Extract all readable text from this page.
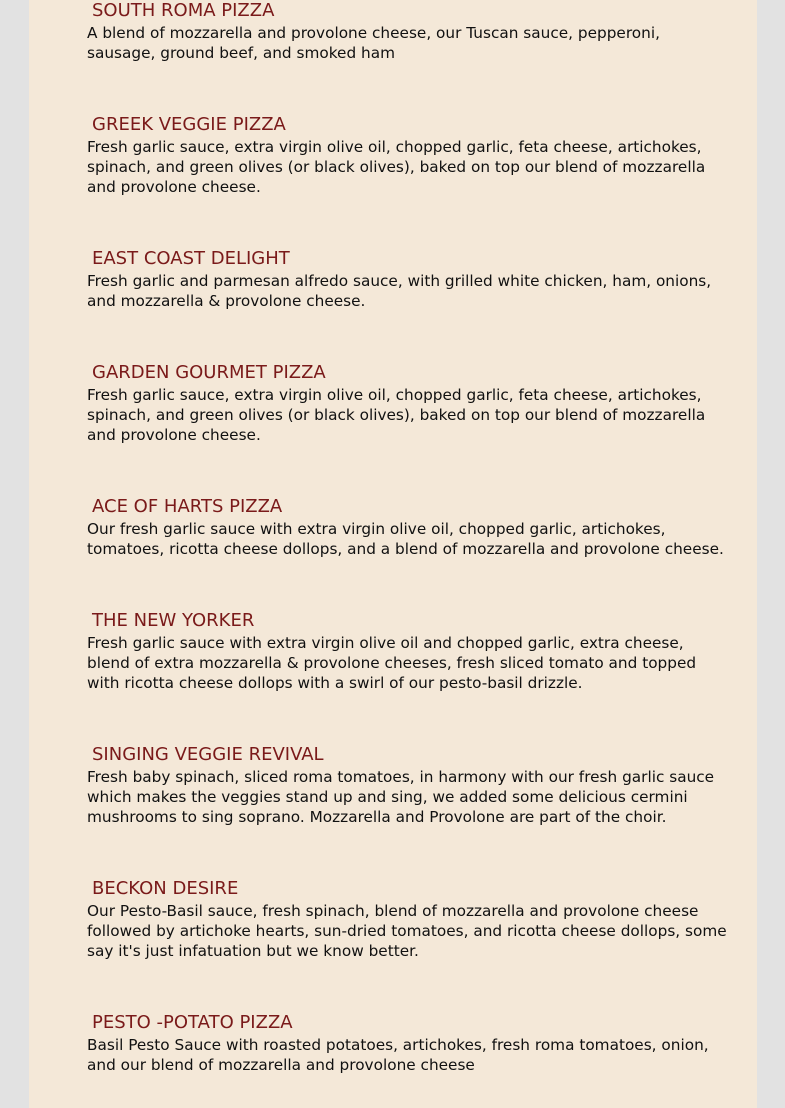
SOUTH ROMA PIZZA

A blend of mozzarella and provolone cheese, our Tuscan sauce, pepperoni, sausage, ground beef, and smoked ham

GREEK VEGGIE PIZZA

Fresh garlic sauce, extra virgin olive oil, chopped garlic, feta cheese, artichokes, spinach, and green olives (or black olives), baked on top our blend of mozzarella and provolone cheese.

EAST COAST DELIGHT

Fresh garlic and parmesan alfredo sauce, with grilled white chicken, ham, onions, and mozzarella & provolone cheese.

GARDEN GOURMET PIZZA

Fresh garlic sauce, extra virgin olive oil, chopped garlic, feta cheese, artichokes, spinach, and green olives (or black olives), baked on top our blend of mozzarella and provolone cheese.

ACE OF HARTS PIZZA

Our fresh garlic sauce with extra virgin olive oil, chopped garlic, artichokes, tomatoes, ricotta cheese dollops, and a blend of mozzarella and provolone cheese.

THE NEW YORKER

Fresh garlic sauce with extra virgin olive oil and chopped garlic, extra cheese, blend of extra mozzarella & provolone cheeses, fresh sliced tomato and topped with ricotta cheese dollops with a swirl of our pesto-basil drizzle.

SINGING VEGGIE REVIVAL

Fresh baby spinach, sliced roma tomatoes, in harmony with our fresh garlic sauce which makes the veggies stand up and sing, we added some delicious cermini mushrooms to sing soprano. Mozzarella and Provolone are part of the choir.

BECKON DESIRE

Our Pesto-Basil sauce, fresh spinach, blend of mozzarella and provolone cheese followed by artichoke hearts, sun-dried tomatoes, and ricotta cheese dollops, some say it's just infatuation but we know better.

PESTO -POTATO PIZZA

Basil Pesto Sauce with roasted potatoes, artichokes, fresh roma tomatoes, onion, and our blend of mozzarella and provolone cheese
